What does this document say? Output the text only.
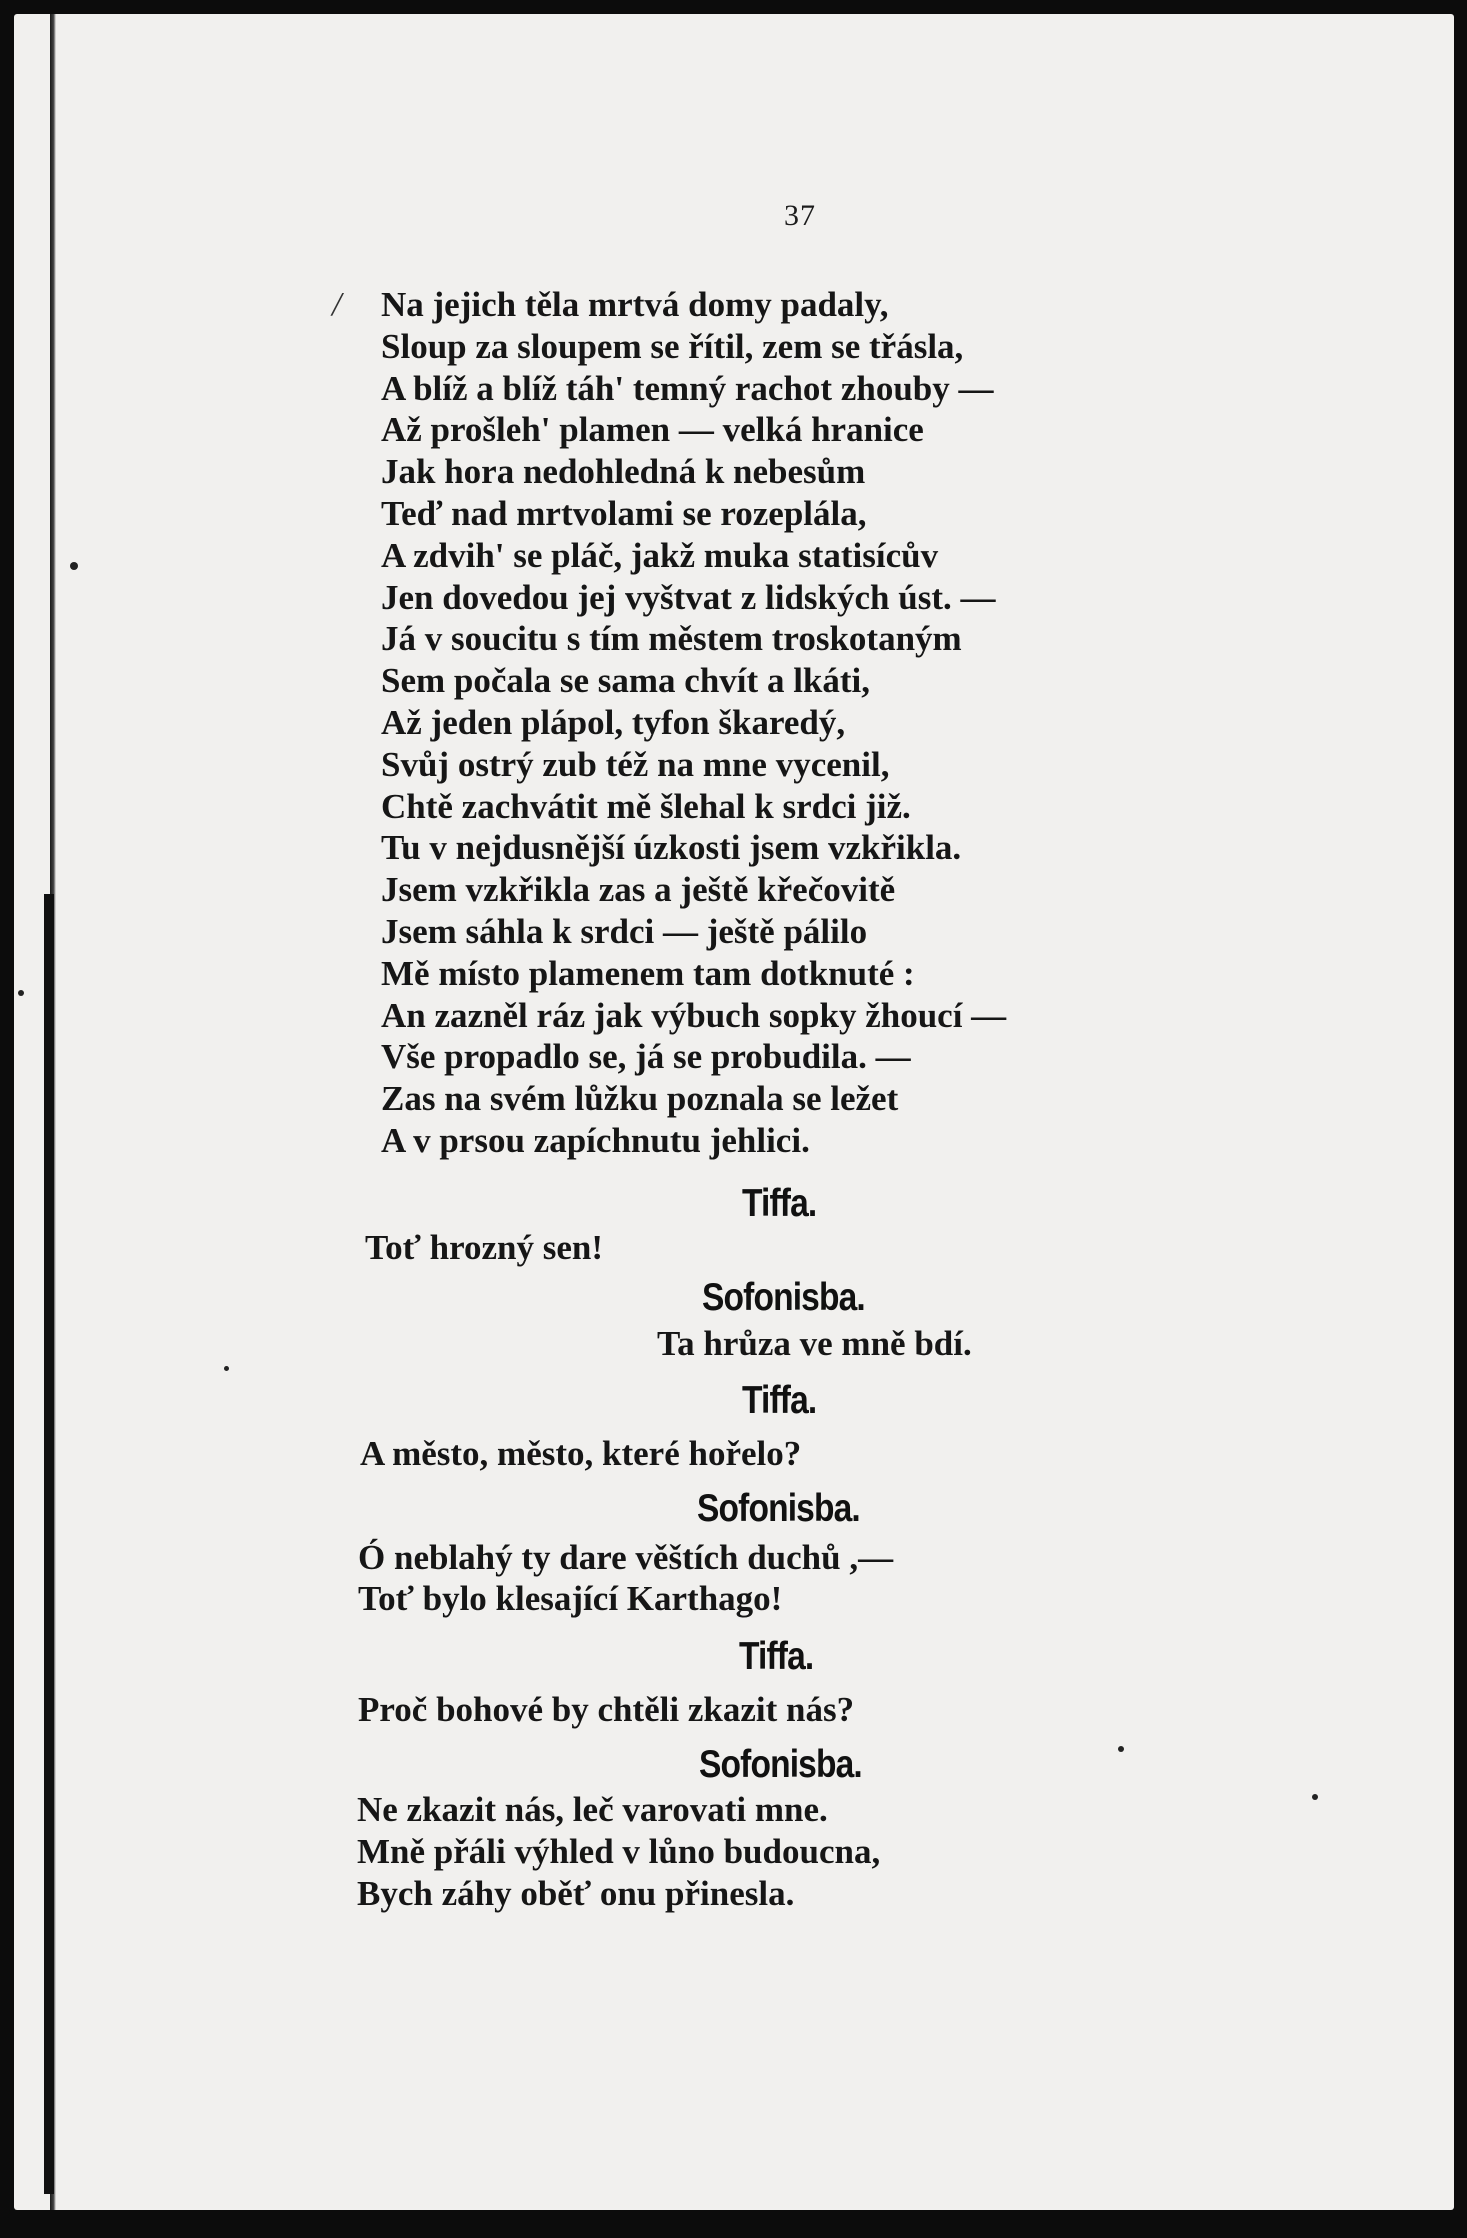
37
/ Na jejich těla mrtvá domy padaly,
Sloup za sloupem se řítil, zem se třásla,
A blíž a blíž táh' temný rachot zhouby —
Až prošleh' plamen — velká hranice
Jak hora nedohledná k nebesům
Teď nad mrtvolami se rozeplála,
A zdvih' se pláč, jakž muka statisícův
Jen dovedou jej vyštvat z lidských úst. —
Já v soucitu s tím městem troskotaným
Sem počala se sama chvít a lkáti,
Až jeden plápol, tyfon škaredý,
Svůj ostrý zub též na mne vycenil,
Chtě zachvátit mě šlehal k srdci již.
Tu v nejdusnější úzkosti jsem vzkřikla.
Jsem vzkřikla zas a ještě křečovitě
Jsem sáhla k srdci — ještě pálilo
Mě místo plamenem tam dotknuté :
An zazněl ráz jak výbuch sopky žhoucí —
Vše propadlo se, já se probudila. —
Zas na svém lůžku poznala se ležet
A v prsou zapíchnutu jehlici.
Tiffa.
Toť hrozný sen!
Sofonisba.
Ta hrůza ve mně bdí.
Tiffa.
A město, město, které hořelo?
Sofonisba.
Ó neblahý ty dare věštích duchů ,—
Toť bylo klesající Karthago!
Tiffa.
Proč bohové by chtěli zkazit nás?
Sofonisba.
Ne zkazit nás, leč varovati mne.
Mně přáli výhled v lůno budoucna,
Bych záhy oběť onu přinesla.
